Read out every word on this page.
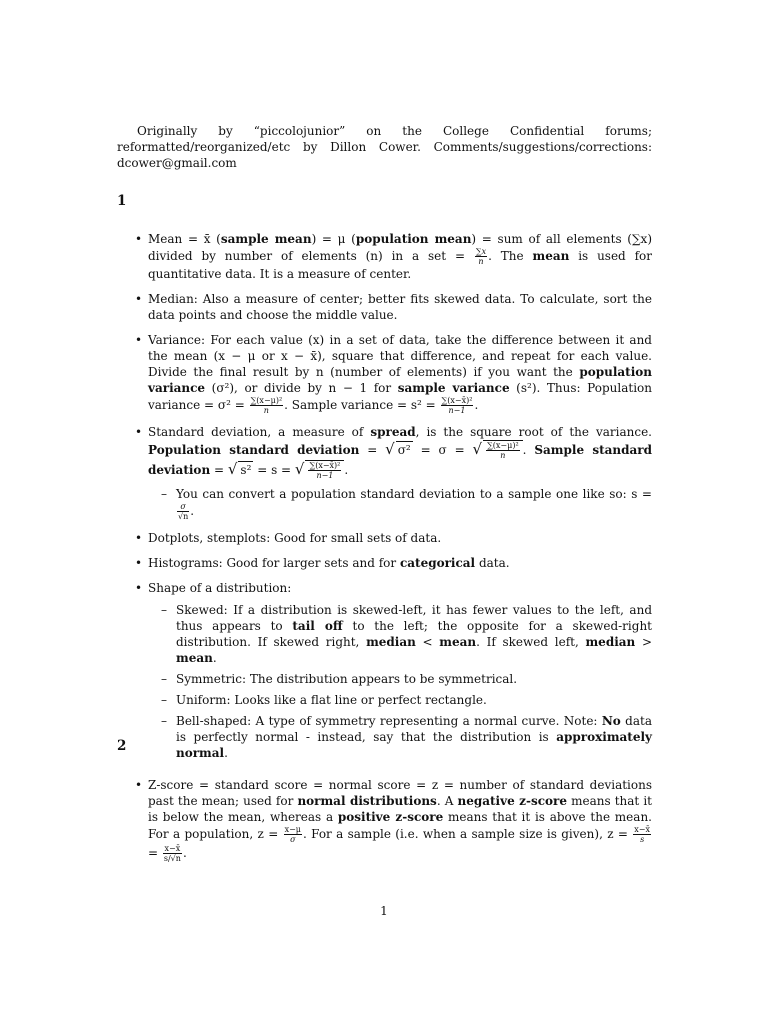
Originally by “piccolojunior” on the College Confidential forums; reformatted/reorganized/etc by Dillon Cower. Comments/suggestions/corrections: dcower@gmail.com
1
• Mean = x̄ (sample mean) = μ (population mean) = sum of all elements (∑x) divided by number of elements (n) in a set = $\frac{\sum x}{n}$ . The mean is used for quantitative data. It is a measure of center.
• Median: Also a measure of center; better fits skewed data. To calculate, sort the data points and choose the middle value.
• Variance: For each value (x) in a set of data, take the difference between it and the mean (x − μ or x − x̄), square that difference, and repeat for each value. Divide the final result by n (number of elements) if you want the population variance (σ²), or divide by n − 1 for sample variance (s²). Thus: Population variance = $\sigma^2 = \frac{\text{∑(x−μ)²}}{n}$ . Sample variance = $s^2 = \frac{\text{∑(x−x̄)²}}{n-1}$ .
• Standard deviation, a measure of spread, is the square root of the variance. Population standard deviation = √ σ² = σ = √ $\frac{\text{∑(x−μ)²}}{n}$ . Sample standard deviation = √ s² = s = √ $\frac{\text{∑(x−x̄)²}}{n-1}$ .
– You can convert a population standard deviation to a sample one like so: s =
$\frac{\sigma}{√n}$ .
• Dotplots, stemplots: Good for small sets of data.
• Histograms: Good for larger sets and for categorical data.
• Shape of a distribution:
– Skewed: If a distribution is skewed-left, it has fewer values to the left, and thus appears to tail off to the left; the opposite for a skewed-right distribution. If skewed right, median < mean. If skewed left, median > mean.
– Symmetric: The distribution appears to be symmetrical.
– Uniform: Looks like a flat line or perfect rectangle.
– Bell-shaped: A type of symmetry representing a normal curve. Note: No data is perfectly normal - instead, say that the distribution is approximately normal.
2
• Z-score = standard score = normal score = z = number of standard deviations past the mean; used for normal distributions. A negative z-score means that it is below the mean, whereas a positive z-score means that it is above the mean. For a population, $z = \frac{x-\mu}{\sigma}$ . For a sample (i.e. when a sample size is given), $z = \frac{x-x̄}{s}$
= $\frac{x-x̄}{s/√n}$ .
1
